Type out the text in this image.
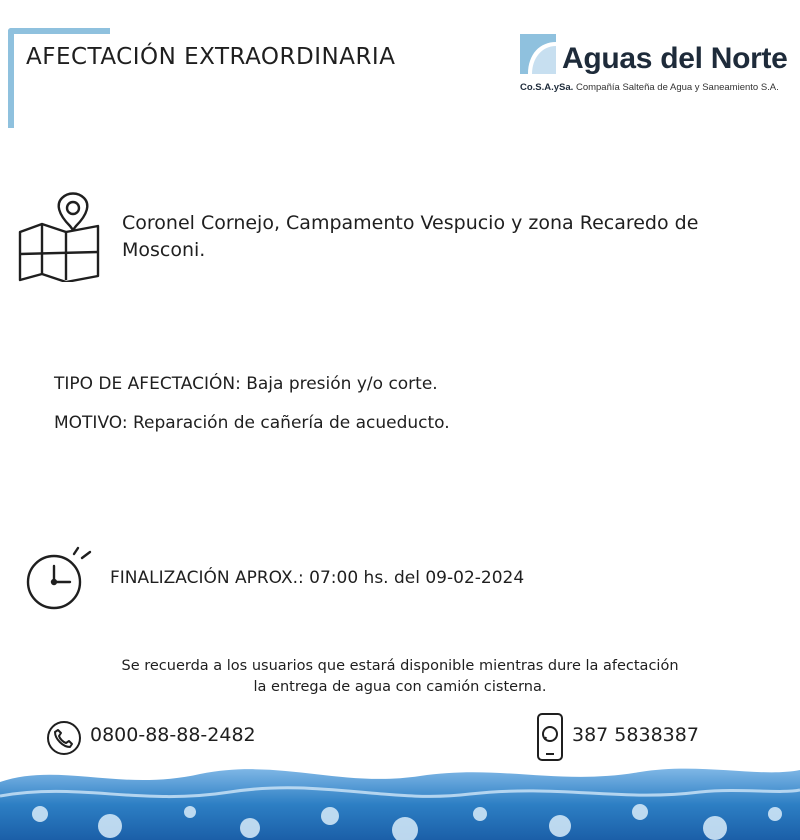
AFECTACIÓN EXTRAORDINARIA	Aguas del Norte
Co.S.A.ySa. Compañía Salteña de Agua y Saneamiento S.A.
Coronel Cornejo, Campamento Vespucio y zona Recaredo de Mosconi.
TIPO DE AFECTACIÓN: Baja presión y/o corte.
MOTIVO: Reparación de cañería de acueducto.
FINALIZACIÓN APROX.: 07:00 hs. del 09-02-2024
Se recuerda a los usuarios que estará disponible mientras dure la afectación
la entrega de agua con camión cisterna.
0800-88-88-2482	387 5838387
